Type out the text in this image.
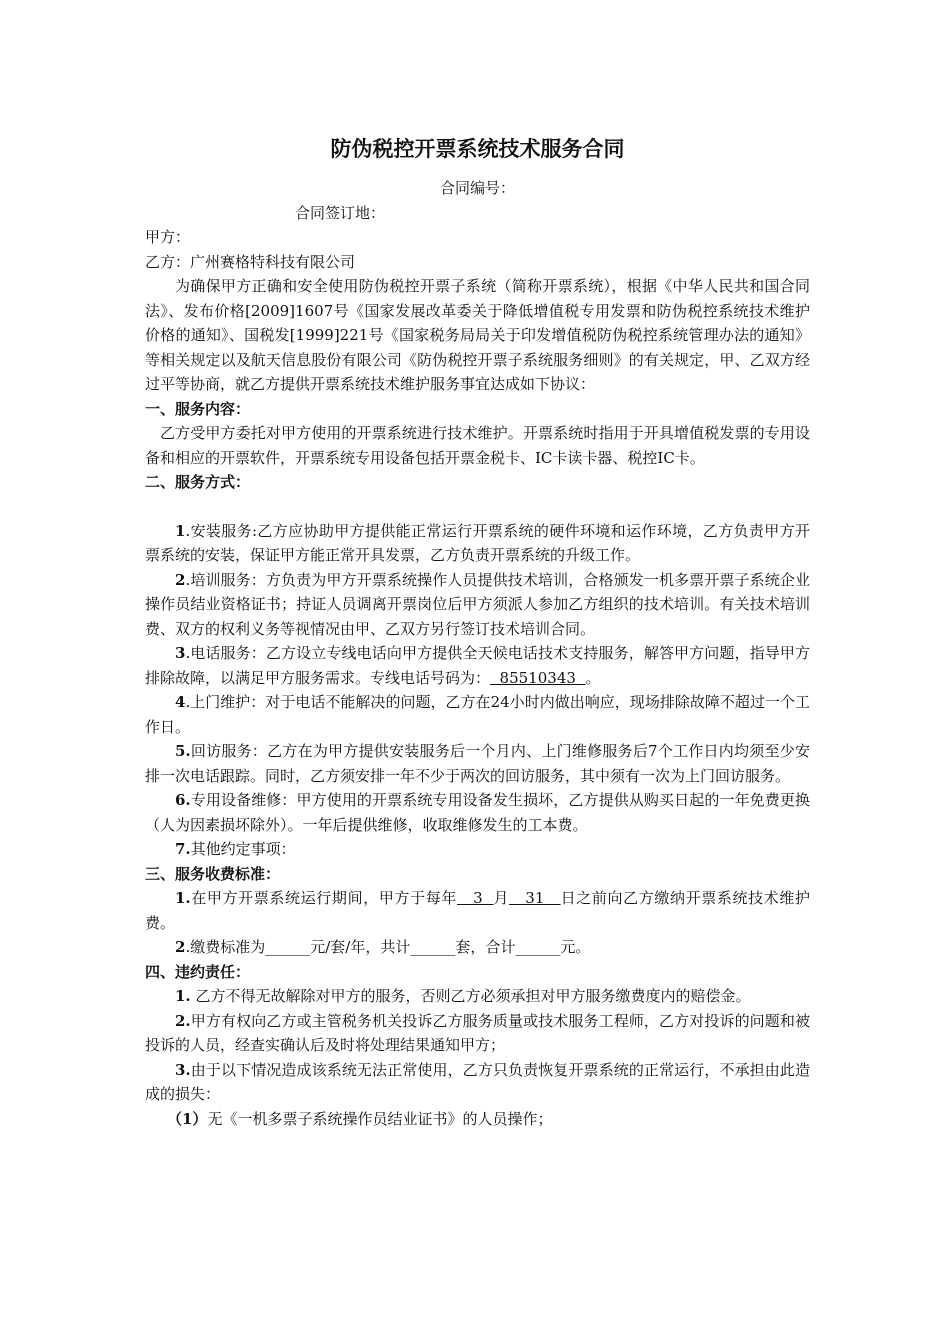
防伪税控开票系统技术服务合同
合同编号：
合同签订地：
甲方：
乙方：广州赛格特科技有限公司
为确保甲方正确和安全使用防伪税控开票子系统（简称开票系统），根据《中华人民共和国合同法》、发布价格[2009]1607号《国家发展改革委关于降低增值税专用发票和防伪税控系统技术维护价格的通知》、国税发[1999]221号《国家税务局局关于印发增值税防伪税控系统管理办法的通知》等相关规定以及航天信息股份有限公司《防伪税控开票子系统服务细则》的有关规定，甲、乙双方经过平等协商，就乙方提供开票系统技术维护服务事宜达成如下协议：
一、服务内容：
乙方受甲方委托对甲方使用的开票系统进行技术维护。开票系统时指用于开具增值税发票的专用设备和相应的开票软件，开票系统专用设备包括开票金税卡、IC卡读卡器、税控IC卡。
二、服务方式：
1.安装服务:乙方应协助甲方提供能正常运行开票系统的硬件环境和运作环境，乙方负责甲方开票系统的安装，保证甲方能正常开具发票，乙方负责开票系统的升级工作。
2.培训服务：方负责为甲方开票系统操作人员提供技术培训，合格颁发一机多票开票子系统企业操作员结业资格证书；持证人员调离开票岗位后甲方须派人参加乙方组织的技术培训。有关技术培训费、双方的权利义务等视情况由甲、乙双方另行签订技术培训合同。
3.电话服务：乙方设立专线电话向甲方提供全天候电话技术支持服务，解答甲方问题，指导甲方排除故障，以满足甲方服务需求。专线电话号码为：  85510343  。
4.上门维护：对于电话不能解决的问题，乙方在24小时内做出响应，现场排除故障不超过一个工作日。
5.回访服务：乙方在为甲方提供安装服务后一个月内、上门维修服务后7个工作日内均须至少安排一次电话跟踪。同时，乙方须安排一年不少于两次的回访服务，其中须有一次为上门回访服务。
6.专用设备维修：甲方使用的开票系统专用设备发生损坏，乙方提供从购买日起的一年免费更换（人为因素损坏除外）。一年后提供维修，收取维修发生的工本费。
7.其他约定事项：
三、服务收费标准：
1.在甲方开票系统运行期间，甲方于每年   3  月   31   日之前向乙方缴纳开票系统技术维护费。
2.缴费标准为______元/套/年，共计______套，合计______元。
四、违约责任：
1. 乙方不得无故解除对甲方的服务，否则乙方必须承担对甲方服务缴费度内的赔偿金。
2.甲方有权向乙方或主管税务机关投诉乙方服务质量或技术服务工程师，乙方对投诉的问题和被投诉的人员，经查实确认后及时将处理结果通知甲方；
3.由于以下情况造成该系统无法正常使用，乙方只负责恢复开票系统的正常运行，不承担由此造成的损失：
（1）无《一机多票子系统操作员结业证书》的人员操作；
